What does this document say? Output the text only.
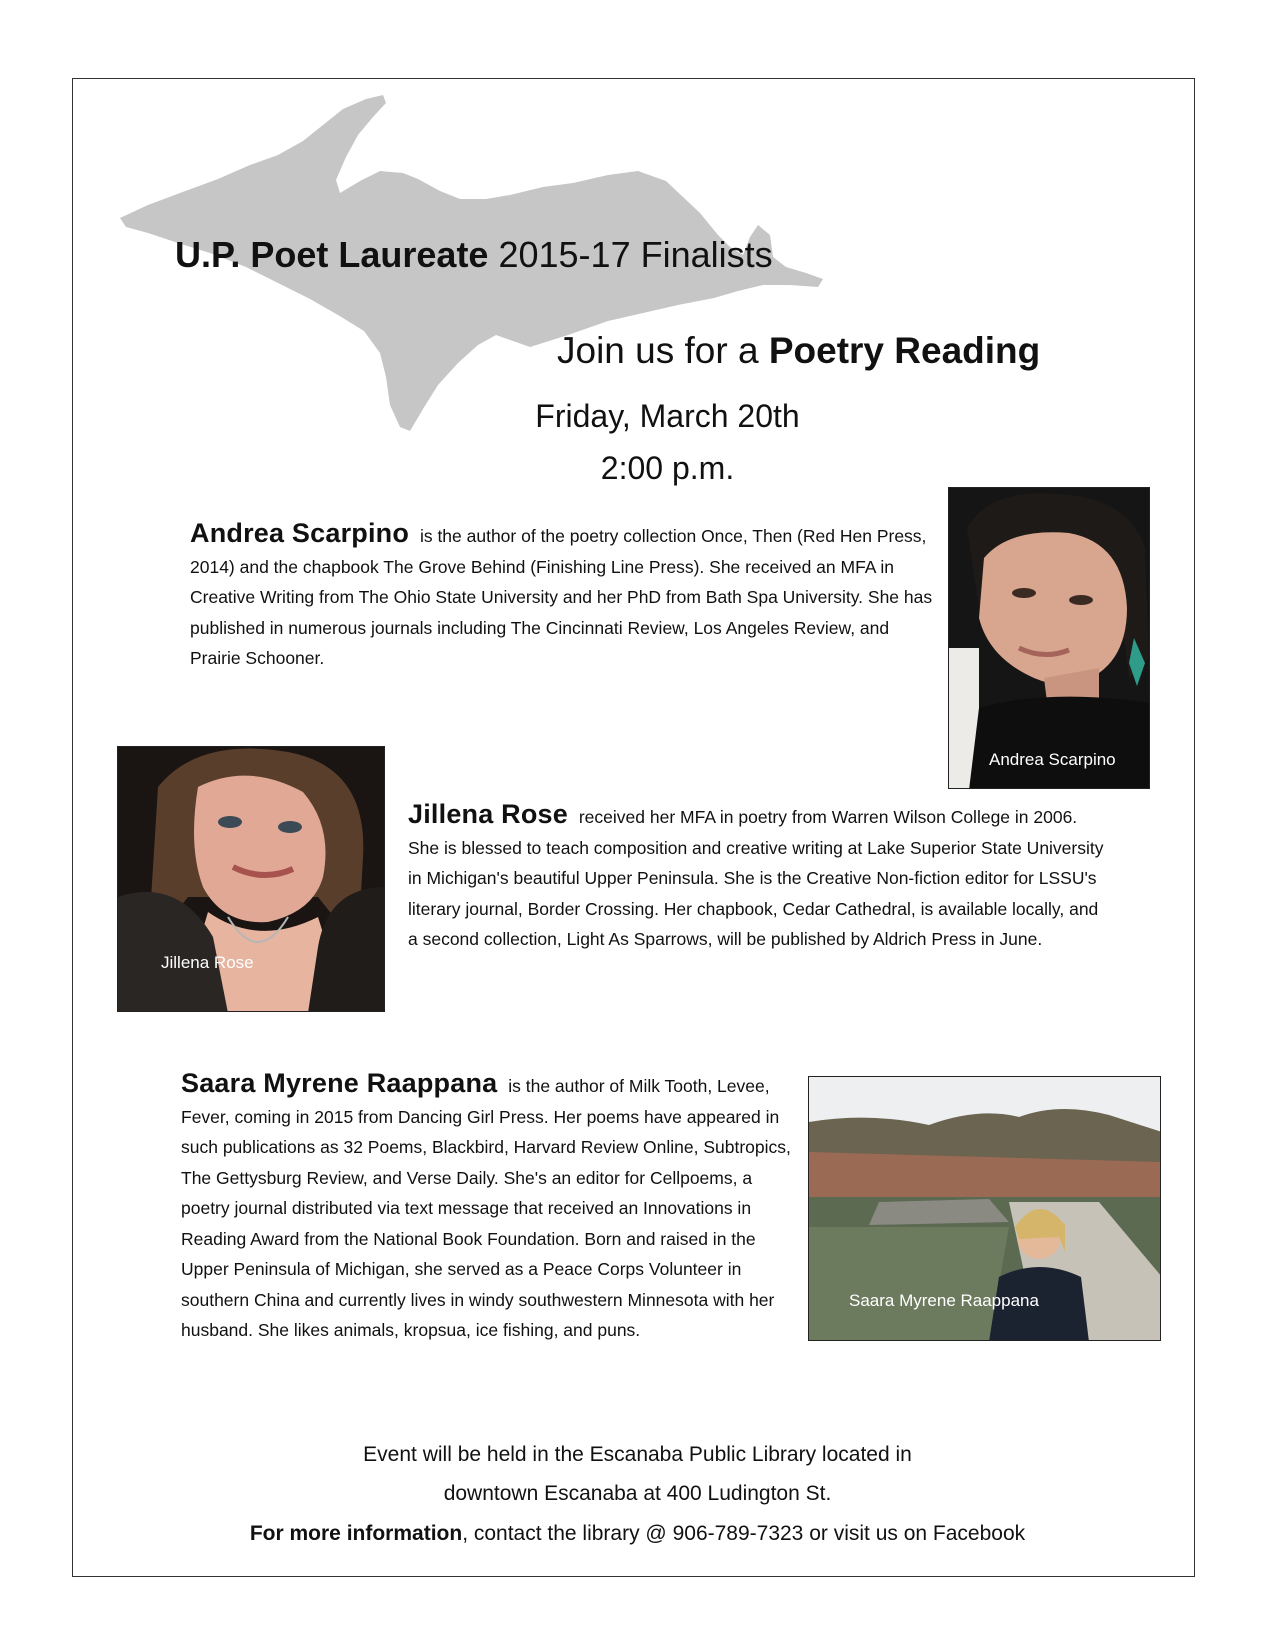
U.P. Poet Laureate 2015-17 Finalists
Join us for a Poetry Reading
Friday, March 20th
2:00 p.m.
Andrea Scarpino is the author of the poetry collection Once, Then (Red Hen Press, 2014) and the chapbook The Grove Behind (Finishing Line Press). She received an MFA in Creative Writing from The Ohio State University and her PhD from Bath Spa University. She has published in numerous journals including The Cincinnati Review, Los Angeles Review, and Prairie Schooner.
Andrea Scarpino
Jillena Rose
Jillena Rose received her MFA in poetry from Warren Wilson College in 2006. She is blessed to teach composition and creative writing at Lake Superior State University in Michigan's beautiful Upper Peninsula. She is the Creative Non-fiction editor for LSSU's literary journal, Border Crossing. Her chapbook, Cedar Cathedral, is available locally, and a second collection, Light As Sparrows, will be published by Aldrich Press in June.
Saara Myrene Raappana is the author of Milk Tooth, Levee, Fever, coming in 2015 from Dancing Girl Press. Her poems have appeared in such publications as 32 Poems, Blackbird, Harvard Review Online, Subtropics, The Gettysburg Review, and Verse Daily. She's an editor for Cellpoems, a poetry journal distributed via text message that received an Innovations in Reading Award from the National Book Foundation. Born and raised in the Upper Peninsula of Michigan, she served as a Peace Corps Volunteer in southern China and currently lives in windy southwestern Minnesota with her husband. She likes animals, kropsua, ice fishing, and puns.
Saara Myrene Raappana
Event will be held in the Escanaba Public Library located in
downtown Escanaba at 400 Ludington St.
For more information, contact the library @ 906-789-7323 or visit us on Facebook
